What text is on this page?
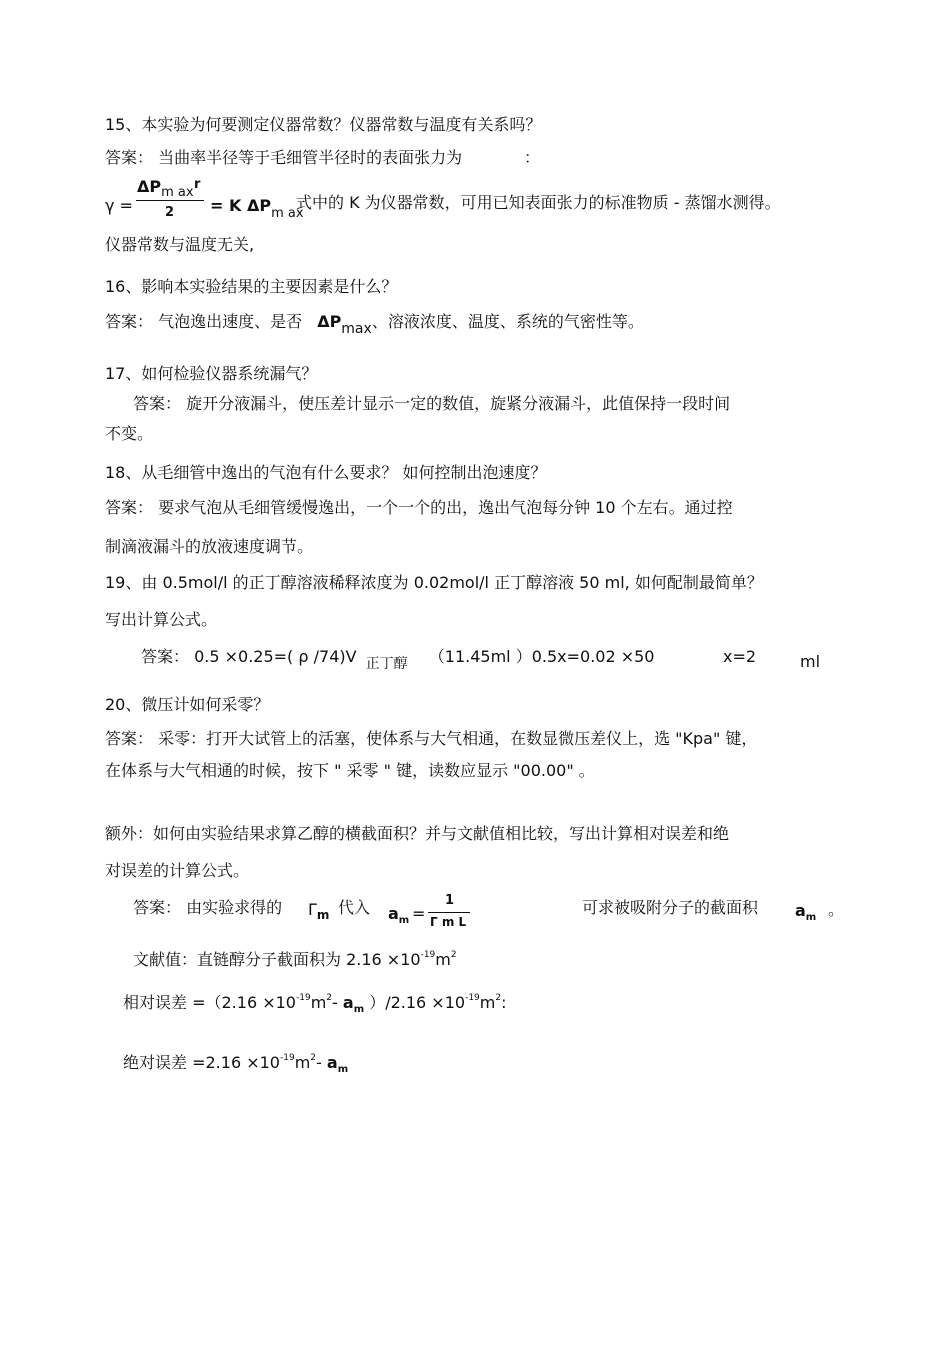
15、本实验为何要测定仪器常数？仪器常数与温度有关系吗？
答案： 当曲率半径等于毛细管半径时的表面张力为	：
γ =
$\Delta P_{m ax}$
r
2 = K $\Delta P_{m ax}$
式中的 K 为仪器常数，可用已知表面张力的标准物质 - 蒸馏水测得。
仪器常数与温度无关,
16、影响本实验结果的主要因素是什么？
答案： 气泡逸出速度、是否 ΔPmax、溶液浓度、温度、系统的气密性等。
17、如何检验仪器系统漏气？
答案： 旋开分液漏斗，使压差计显示一定的数值，旋紧分液漏斗，此值保持一段时间
不变。
18、从毛细管中逸出的气泡有什么要求？ 如何控制出泡速度？
答案： 要求气泡从毛细管缓慢逸出，一个一个的出，逸出气泡每分钟 10 个左右。通过控
制滴液漏斗的放液速度调节。
19、由 0.5mol/l 的正丁醇溶液稀释浓度为 0.02mol/l 正丁醇溶液 50 ml, 如何配制最简单？
写出计算公式。
答案： 0.5 ×0.25=( ρ /74)V 正丁醇 （11.45ml ）0.5x=0.02 ×50	x=2	ml
20、微压计如何采零？
答案： 采零：打开大试管上的活塞，使体系与大气相通，在数显微压差仪上，选 "Kpa" 键，
在体系与大气相通的时候，按下 " 采零 " 键，读数应显示 "00.00" 。
额外：如何由实验结果求算乙醇的横截面积？并与文献值相比较，写出计算相对误差和绝
对误差的计算公式。
答案： 由实验求得的 $\Gamma_m$ 代入 $a_m$ =
1
Γ m L
可求被吸附分子的截面积 $a_m$ 。
文献值：直链醇分子截面积为 $2.16 \times 10^{-19}m^2$
相对误差 $=(2.16 \times 10^{-19}m^2-$ $a_m$ ）$/2.16 \times 10^{-19}m^2$:
绝对误差 $=2.16 \times 10^{-19}m^2-$ $a_m$
